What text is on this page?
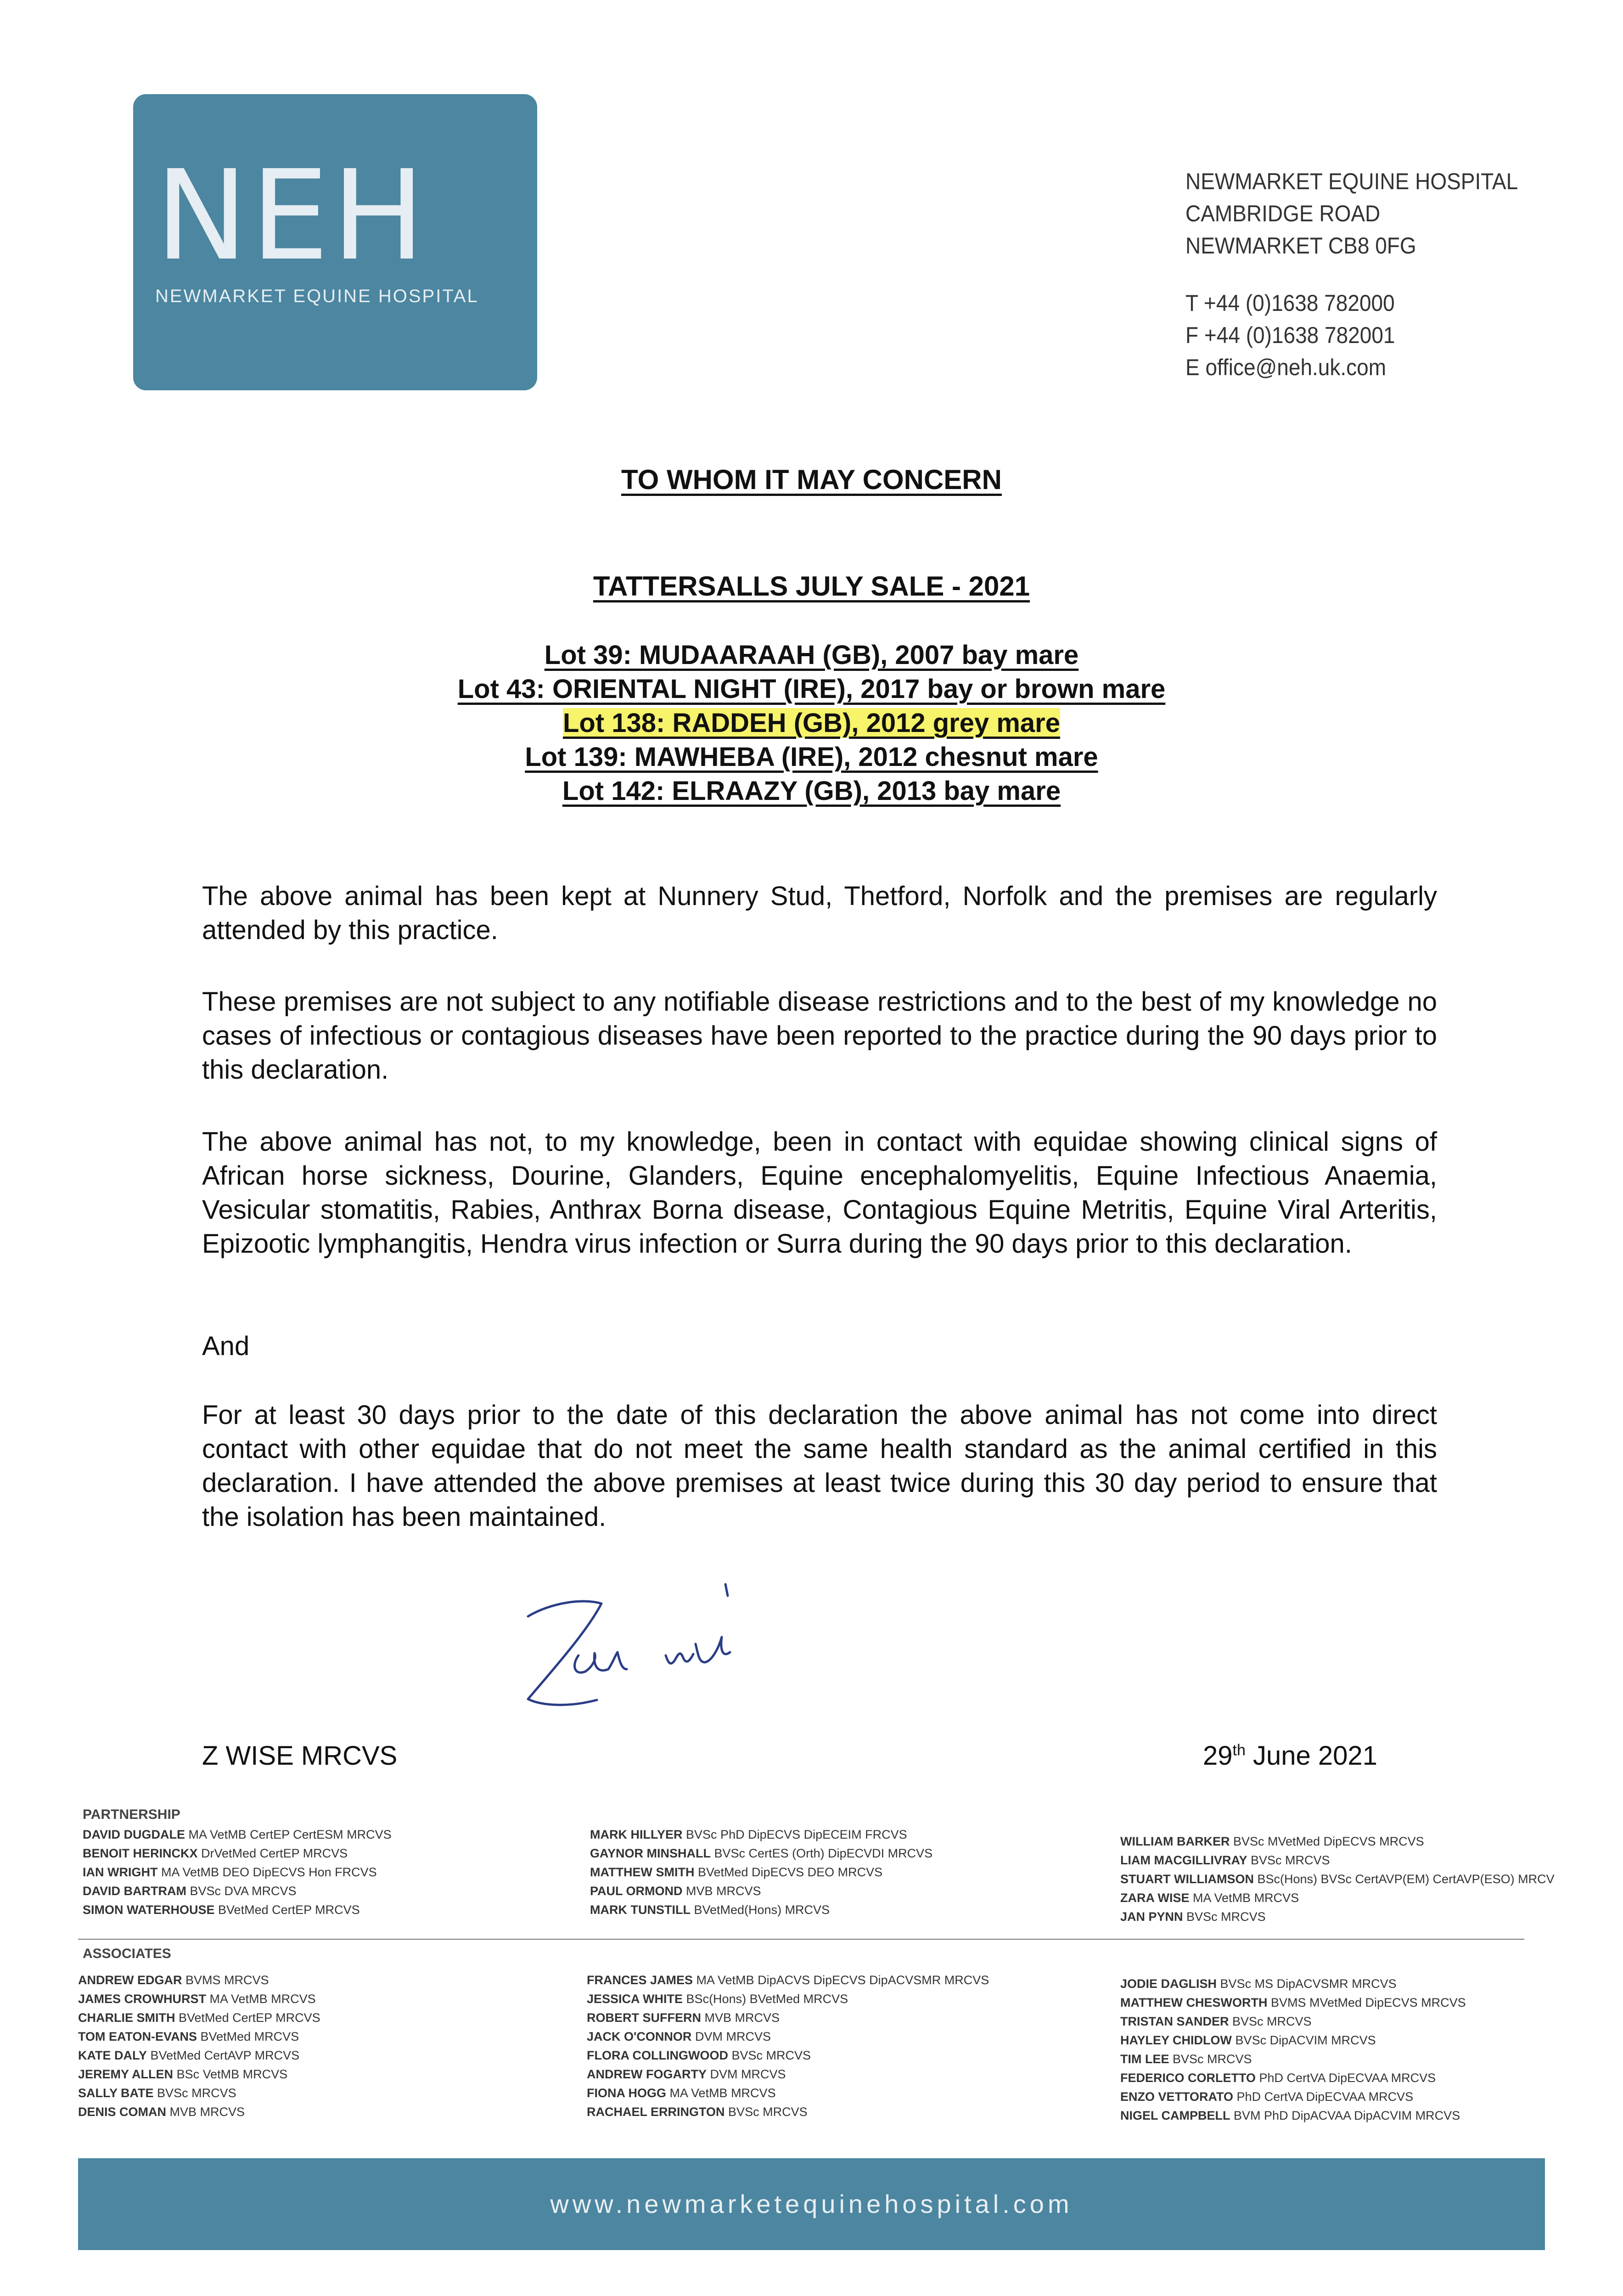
NEH
NEWMARKET EQUINE HOSPITAL
NEWMARKET EQUINE HOSPITAL
CAMBRIDGE ROAD
NEWMARKET CB8 0FG
T +44 (0)1638 782000
F +44 (0)1638 782001
E office@neh.uk.com
TO WHOM IT MAY CONCERN
TATTERSALLS JULY SALE - 2021
Lot 39: MUDAARAAH (GB), 2007 bay mare
Lot 43: ORIENTAL NIGHT (IRE), 2017 bay or brown mare
Lot 138: RADDEH (GB), 2012 grey mare
Lot 139: MAWHEBA (IRE), 2012 chesnut mare
Lot 142: ELRAAZY (GB), 2013 bay mare
The above animal has been kept at Nunnery Stud, Thetford, Norfolk and the premises are regularly attended by this practice.
These premises are not subject to any notifiable disease restrictions and to the best of my knowledge no cases of infectious or contagious diseases have been reported to the practice during the 90 days prior to this declaration.
The above animal has not, to my knowledge, been in contact with equidae showing clinical signs of African horse sickness, Dourine, Glanders, Equine encephalomyelitis, Equine Infectious Anaemia, Vesicular stomatitis, Rabies, Anthrax Borna disease, Contagious Equine Metritis, Equine Viral Arteritis, Epizootic lymphangitis, Hendra virus infection or Surra during the 90 days prior to this declaration.
And
For at least 30 days prior to the date of this declaration the above animal has not come into direct contact with other equidae that do not meet the same health standard as the animal certified in this declaration. I have attended the above premises at least twice during this 30 day period to ensure that the isolation has been maintained.
Z WISE MRCVS	29th June 2021
PARTNERSHIP
DAVID DUGDALE MA VetMB CertEP CertESM MRCVS
BENOIT HERINCKX DrVetMed CertEP MRCVS
IAN WRIGHT MA VetMB DEO DipECVS Hon FRCVS
DAVID BARTRAM BVSc DVA MRCVS
SIMON WATERHOUSE BVetMed CertEP MRCVS
MARK HILLYER BVSc PhD DipECVS DipECEIM FRCVS
GAYNOR MINSHALL BVSc CertES (Orth) DipECVDI MRCVS
MATTHEW SMITH BVetMed DipECVS DEO MRCVS
PAUL ORMOND MVB MRCVS
MARK TUNSTILL BVetMed(Hons) MRCVS
WILLIAM BARKER BVSc MVetMed DipECVS MRCVS
LIAM MACGILLIVRAY BVSc MRCVS
STUART WILLIAMSON BSc(Hons) BVSc CertAVP(EM) CertAVP(ESO) MRCV
ZARA WISE MA VetMB MRCVS
JAN PYNN BVSc MRCVS
ASSOCIATES
ANDREW EDGAR BVMS MRCVS
JAMES CROWHURST MA VetMB MRCVS
CHARLIE SMITH BVetMed CertEP MRCVS
TOM EATON-EVANS BVetMed MRCVS
KATE DALY BVetMed CertAVP MRCVS
JEREMY ALLEN BSc VetMB MRCVS
SALLY BATE BVSc MRCVS
DENIS COMAN MVB MRCVS
FRANCES JAMES MA VetMB DipACVS DipECVS DipACVSMR MRCVS
JESSICA WHITE BSc(Hons) BVetMed MRCVS
ROBERT SUFFERN MVB MRCVS
JACK O'CONNOR DVM MRCVS
FLORA COLLINGWOOD BVSc MRCVS
ANDREW FOGARTY DVM MRCVS
FIONA HOGG MA VetMB MRCVS
RACHAEL ERRINGTON BVSc MRCVS
JODIE DAGLISH BVSc MS DipACVSMR MRCVS
MATTHEW CHESWORTH BVMS MVetMed DipECVS MRCVS
TRISTAN SANDER BVSc MRCVS
HAYLEY CHIDLOW BVSc DipACVIM MRCVS
TIM LEE BVSc MRCVS
FEDERICO CORLETTO PhD CertVA DipECVAA MRCVS
ENZO VETTORATO PhD CertVA DipECVAA MRCVS
NIGEL CAMPBELL BVM PhD DipACVAA DipACVIM MRCVS
www.newmarketequinehospital.com
